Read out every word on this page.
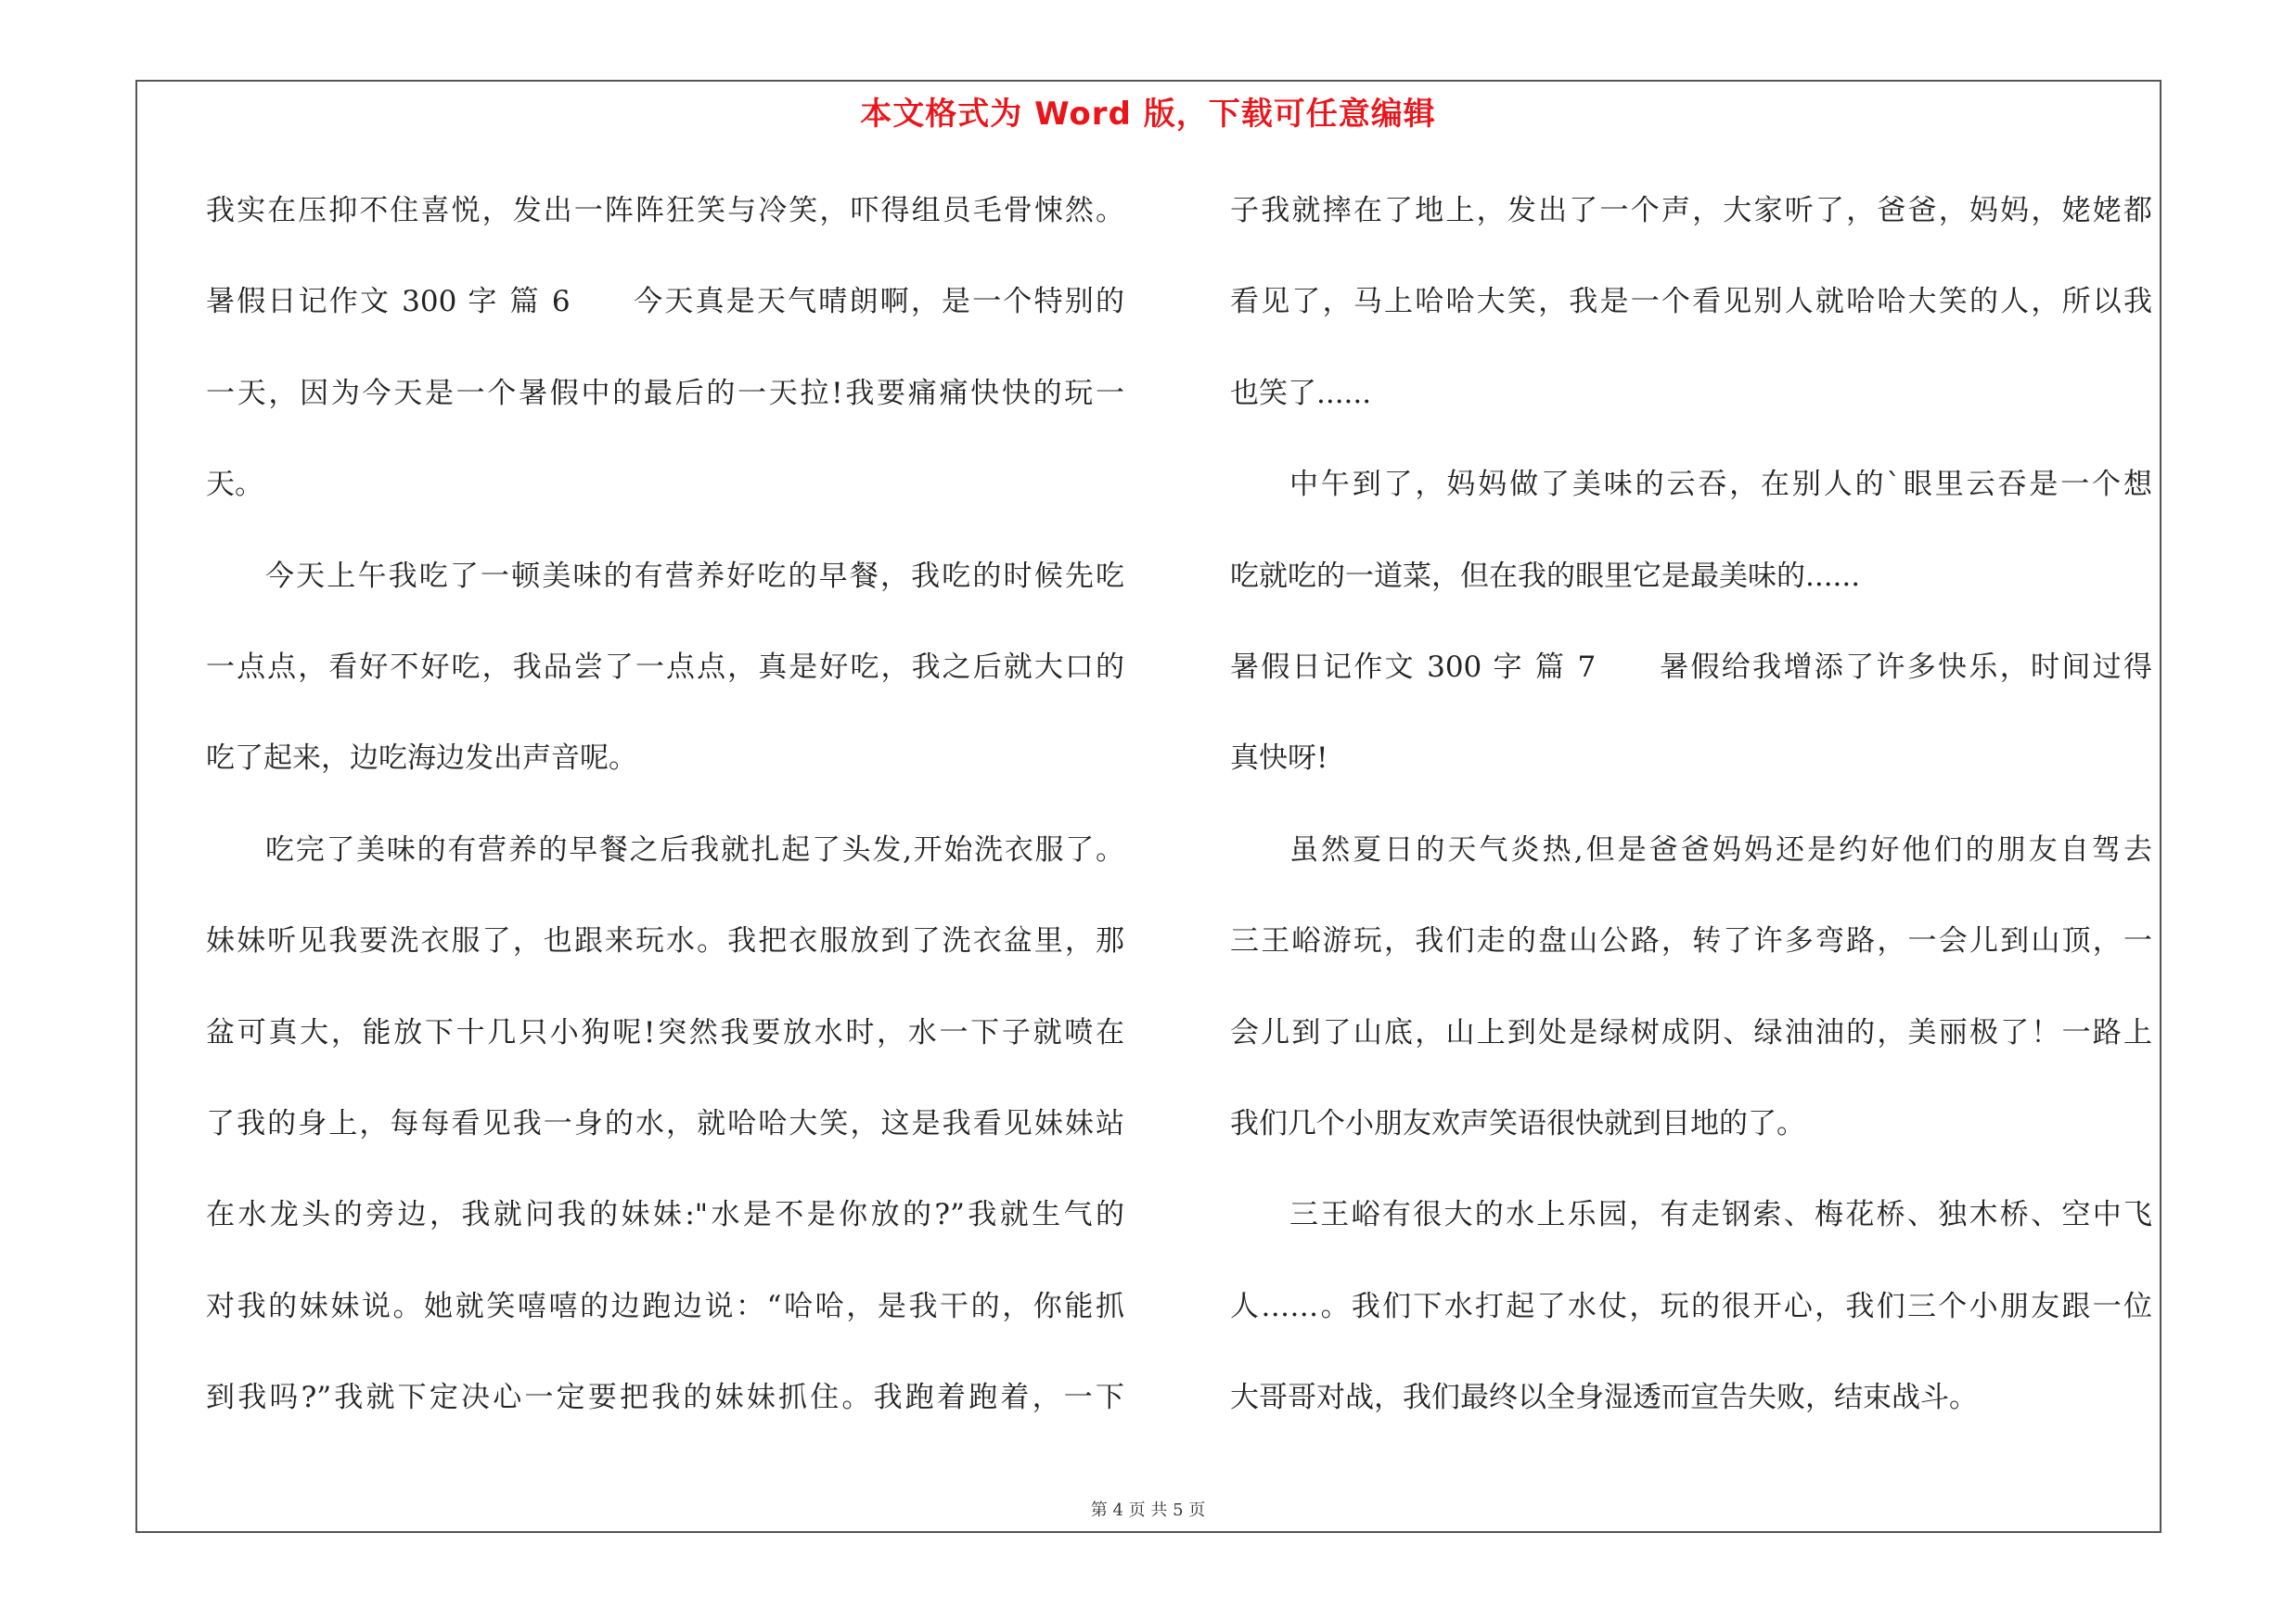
本文格式为 Word 版，下载可任意编辑
我实在压抑不住喜悦，发出一阵阵狂笑与冷笑，吓得组员毛骨悚然。
暑假日记作文 300 字 篇 6　　今天真是天气晴朗啊，是一个特别的
一天，因为今天是一个暑假中的最后的一天拉!我要痛痛快快的玩一
天。
今天上午我吃了一顿美味的有营养好吃的早餐，我吃的时候先吃
一点点，看好不好吃，我品尝了一点点，真是好吃，我之后就大口的
吃了起来，边吃海边发出声音呢。
吃完了美味的有营养的早餐之后我就扎起了头发,开始洗衣服了。
妹妹听见我要洗衣服了，也跟来玩水。我把衣服放到了洗衣盆里，那
盆可真大，能放下十几只小狗呢!突然我要放水时，水一下子就喷在
了我的身上，每每看见我一身的水，就哈哈大笑，这是我看见妹妹站
在水龙头的旁边，我就问我的妹妹:"水是不是你放的?”我就生气的
对我的妹妹说。她就笑嘻嘻的边跑边说：“哈哈，是我干的，你能抓
到我吗?”我就下定决心一定要把我的妹妹抓住。我跑着跑着，一下
子我就摔在了地上，发出了一个声，大家听了，爸爸，妈妈，姥姥都
看见了，马上哈哈大笑，我是一个看见别人就哈哈大笑的人，所以我
也笑了......
中午到了，妈妈做了美味的云吞，在别人的`眼里云吞是一个想
吃就吃的一道菜，但在我的眼里它是最美味的......
暑假日记作文 300 字 篇 7　　暑假给我增添了许多快乐，时间过得
真快呀!
虽然夏日的天气炎热,但是爸爸妈妈还是约好他们的朋友自驾去
三王峪游玩，我们走的盘山公路，转了许多弯路，一会儿到山顶，一
会儿到了山底，山上到处是绿树成阴、绿油油的，美丽极了！一路上
我们几个小朋友欢声笑语很快就到目地的了。
三王峪有很大的水上乐园，有走钢索、梅花桥、独木桥、空中飞
人……。我们下水打起了水仗，玩的很开心，我们三个小朋友跟一位
大哥哥对战，我们最终以全身湿透而宣告失败，结束战斗。
第 4 页 共 5 页
